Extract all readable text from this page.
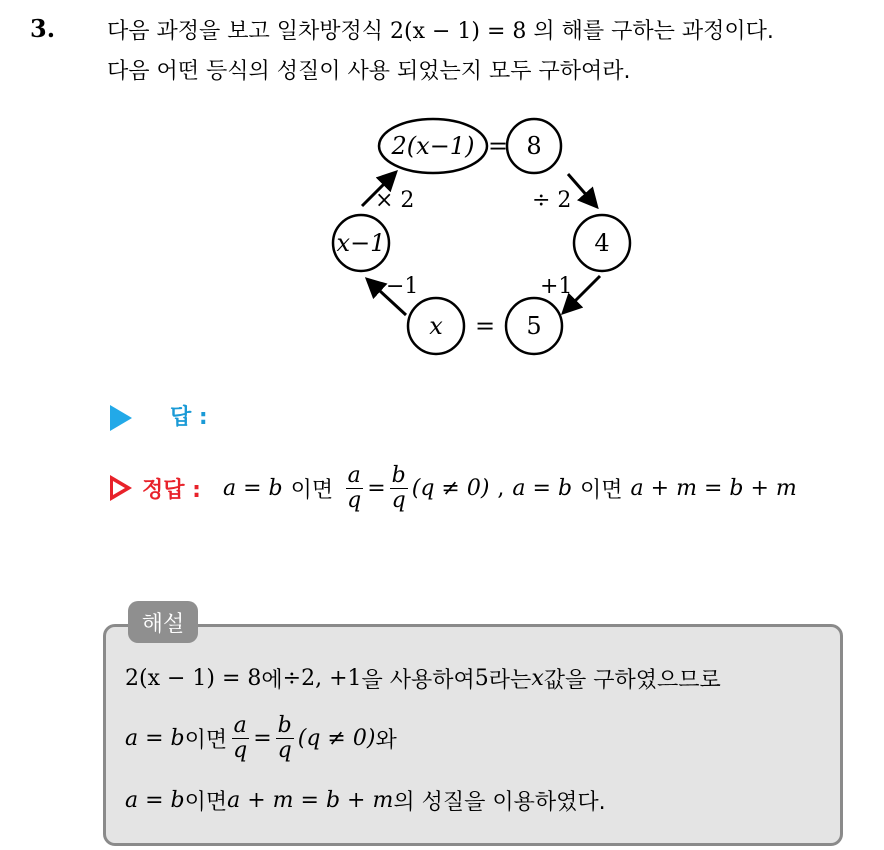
3. 다음 과정을 보고 일차방정식 2(x − 1) = 8 의 해를 구하는 과정이다.
다음 어떤 등식의 성질이 사용 되었는지 모두 구하여라.
2(x−1) = 8
x−1	4
x = 5
× 2	÷ 2
−1	+1
답 :
정답 : a = b 이면 $\frac{a}{q} = \frac{b}{q} (q \ne 0)$ , a = b 이면 a + m = b + m
해설
2(x − 1) = 8 에 ÷2, +1 을 사용하여 5 라는 x 값을 구하였으므로
a = b 이면 $\frac{a}{q} = \frac{b}{q} (q \ne 0)$ 와
a = b 이면 a + m = b + m 의 성질을 이용하였다.
